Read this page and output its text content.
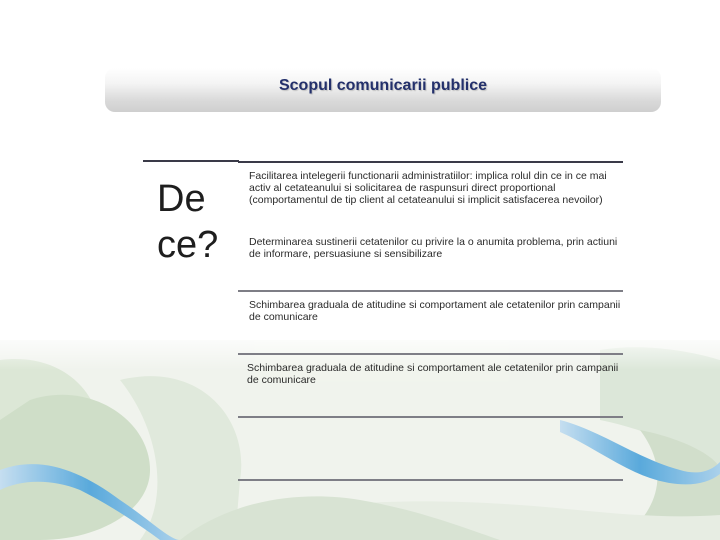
Scopul comunicarii publice
De ce?
Facilitarea intelegerii functionarii administratiilor: implica rolul din ce in ce mai activ al cetateanului si solicitarea de raspunsuri direct proportional (comportamentul de tip client al cetateanului si implicit satisfacerea nevoilor)
Determinarea sustinerii cetatenilor cu privire la o anumita problema, prin actiuni de informare, persuasiune si sensibilizare
Schimbarea graduala de atitudine si comportament ale cetatenilor prin campanii de comunicare
Schimbarea graduala de atitudine si comportament ale cetatenilor prin campanii de comunicare
